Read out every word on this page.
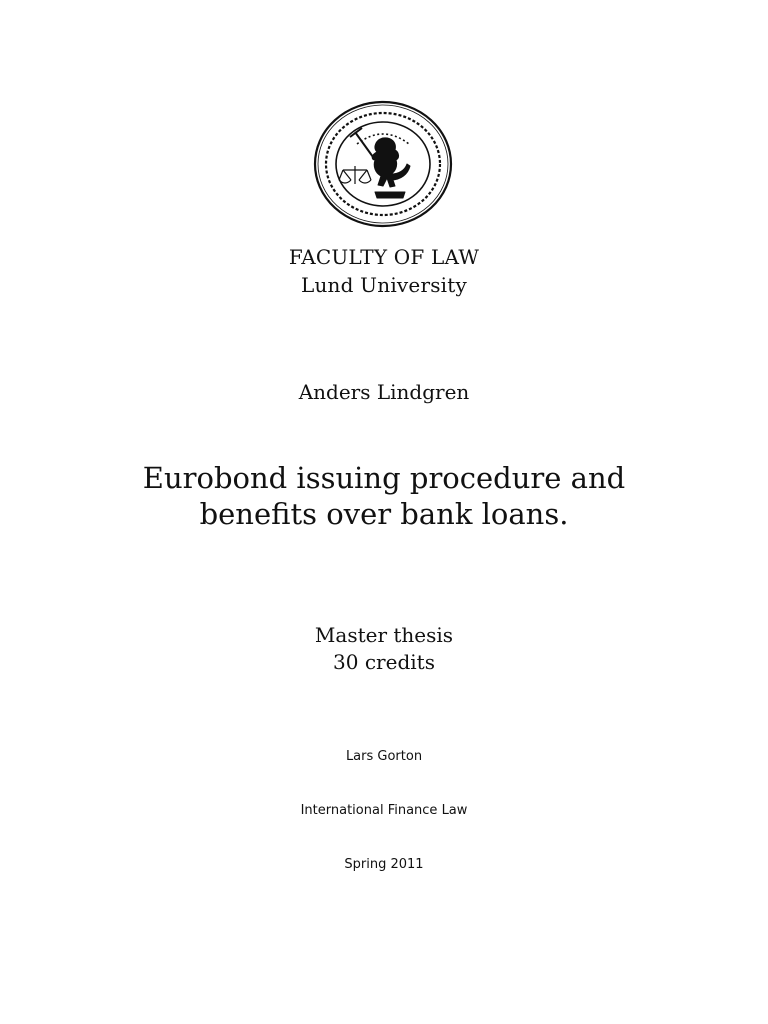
FACULTY OF LAW
Lund University
Anders Lindgren
Eurobond issuing procedure and
benefits over bank loans.
Master thesis
30 credits
Lars Gorton
International Finance Law
Spring 2011
